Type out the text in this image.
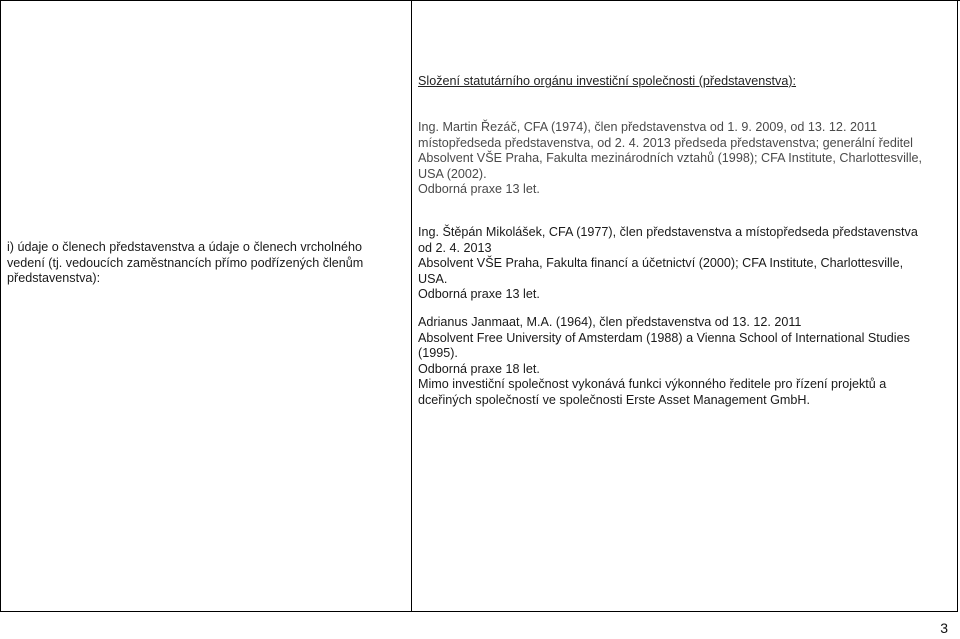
Složení statutárního orgánu investiční společnosti (představenstva):
Ing. Martin Řezáč, CFA (1974), člen představenstva od 1. 9. 2009, od 13. 12. 2011
místopředseda představenstva, od 2. 4. 2013 předseda představenstva; generální ředitel
Absolvent VŠE Praha, Fakulta mezinárodních vztahů (1998); CFA Institute, Charlottesville,
USA (2002).
Odborná praxe 13 let.
i) údaje o členech představenstva a údaje o členech vrcholného
vedení (tj. vedoucích zaměstnancích přímo podřízených členům
představenstva):
Ing. Štěpán Mikolášek, CFA (1977), člen představenstva a místopředseda představenstva
od 2. 4. 2013
Absolvent VŠE Praha, Fakulta financí a účetnictví (2000); CFA Institute, Charlottesville,
USA.
Odborná praxe 13 let.
Adrianus Janmaat, M.A. (1964), člen představenstva od 13. 12. 2011
Absolvent Free University of Amsterdam (1988) a Vienna School of International Studies
(1995).
Odborná praxe 18 let.
Mimo investiční společnost vykonává funkci výkonného ředitele pro řízení projektů a
dceřiných společností ve společnosti Erste Asset Management GmbH.
3
